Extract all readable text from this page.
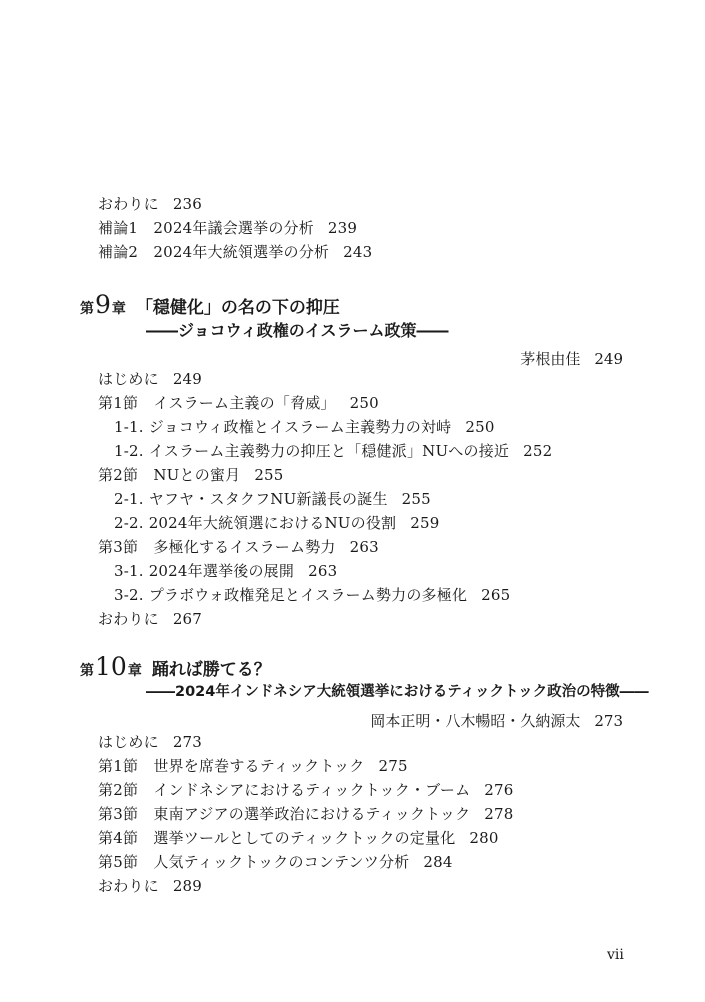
おわりに 236
補論1　2024年議会選挙の分析 239
補論2　2024年大統領選挙の分析 243
第9章 「穏健化」の名の下の抑圧
――ジョコウィ政権のイスラーム政策――
茅根由佳 249
はじめに 249
第1節　イスラーム主義の「脅威」 250
1-1. ジョコウィ政権とイスラーム主義勢力の対峙 250
1-2. イスラーム主義勢力の抑圧と「穏健派」NUへの接近 252
第2節　NUとの蜜月 255
2-1. ヤフヤ・スタクフNU新議長の誕生 255
2-2. 2024年大統領選におけるNUの役割 259
第3節　多極化するイスラーム勢力 263
3-1. 2024年選挙後の展開 263
3-2. プラボウォ政権発足とイスラーム勢力の多極化 265
おわりに 267
第10章 踊れば勝てる？
――2024年インドネシア大統領選挙におけるティックトック政治の特徴――
岡本正明・八木暢昭・久納源太 273
はじめに 273
第1節　世界を席巻するティックトック 275
第2節　インドネシアにおけるティックトック・ブーム 276
第3節　東南アジアの選挙政治におけるティックトック 278
第4節　選挙ツールとしてのティックトックの定量化 280
第5節　人気ティックトックのコンテンツ分析 284
おわりに 289
vii
